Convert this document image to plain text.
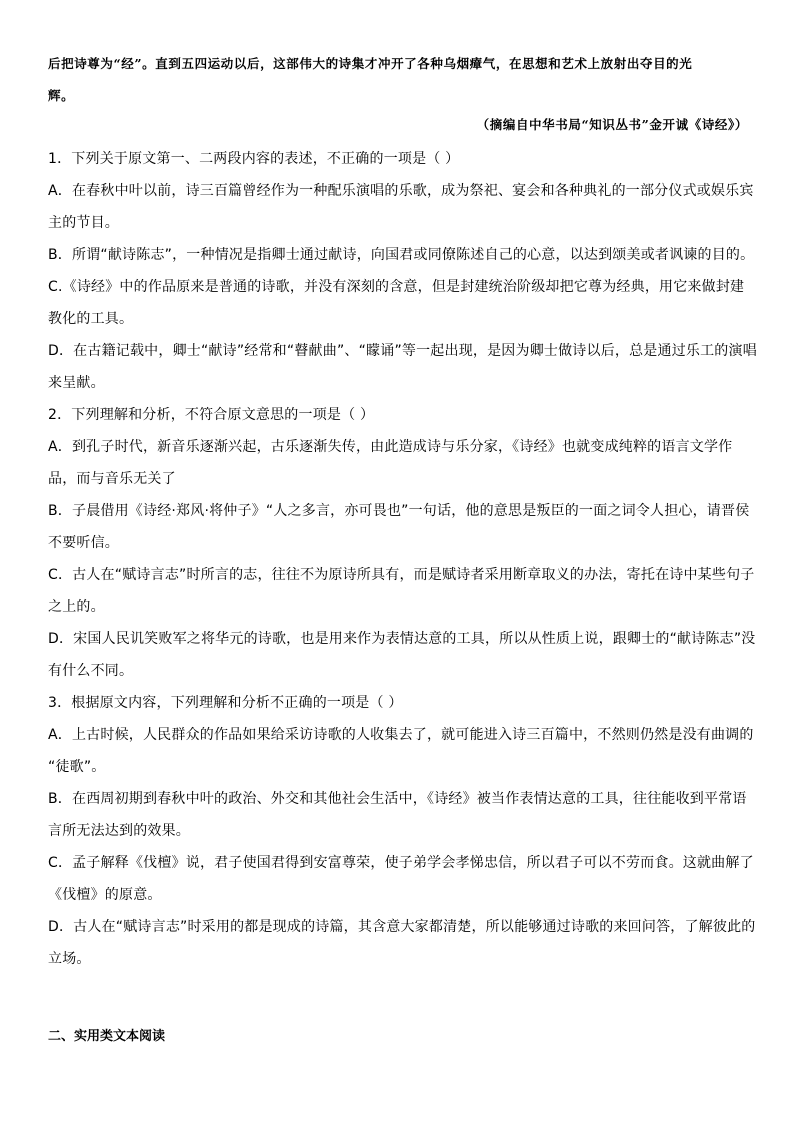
后把诗尊为“经”。直到五四运动以后，这部伟大的诗集才冲开了各种乌烟瘴气，在思想和艺术上放射出夺目的光
辉。
（摘编自中华书局“知识丛书”金开诚《诗经》）
1．下列关于原文第一、二两段内容的表述，不正确的一项是（ ）
A．在春秋中叶以前，诗三百篇曾经作为一种配乐演唱的乐歌，成为祭祀、宴会和各种典礼的一部分仪式或娱乐宾
主的节目。
B．所谓“献诗陈志”，一种情况是指卿士通过献诗，向国君或同僚陈述自己的心意，以达到颂美或者讽谏的目的。
C.《诗经》中的作品原来是普通的诗歌，并没有深刻的含意，但是封建统治阶级却把它尊为经典，用它来做封建
教化的工具。
D．在古籍记载中，卿士“献诗”经常和“瞽献曲”、“矇诵”等一起出现，是因为卿士做诗以后，总是通过乐工的演唱
来呈献。
2．下列理解和分析，不符合原文意思的一项是（ ）
A．到孔子时代，新音乐逐渐兴起，古乐逐渐失传，由此造成诗与乐分家，《诗经》也就变成纯粹的语言文学作
品，而与音乐无关了
B．子晨借用《诗经·郑风·将仲子》“人之多言，亦可畏也”一句话，他的意思是叛臣的一面之词令人担心，请晋侯
不要听信。
C．古人在“赋诗言志”时所言的志，往往不为原诗所具有，而是赋诗者采用断章取义的办法，寄托在诗中某些句子
之上的。
D．宋国人民讥笑败军之将华元的诗歌，也是用来作为表情达意的工具，所以从性质上说，跟卿士的“献诗陈志”没
有什么不同。
3．根据原文内容，下列理解和分析不正确的一项是（ ）
A．上古时候，人民群众的作品如果给采访诗歌的人收集去了，就可能进入诗三百篇中，不然则仍然是没有曲调的
“徒歌”。
B．在西周初期到春秋中叶的政治、外交和其他社会生活中，《诗经》被当作表情达意的工具，往往能收到平常语
言所无法达到的效果。
C．孟子解释《伐檀》说，君子使国君得到安富尊荣，使子弟学会孝悌忠信，所以君子可以不劳而食。这就曲解了
《伐檀》的原意。
D．古人在“赋诗言志”时采用的都是现成的诗篇，其含意大家都清楚，所以能够通过诗歌的来回问答，了解彼此的
立场。
二、实用类文本阅读
